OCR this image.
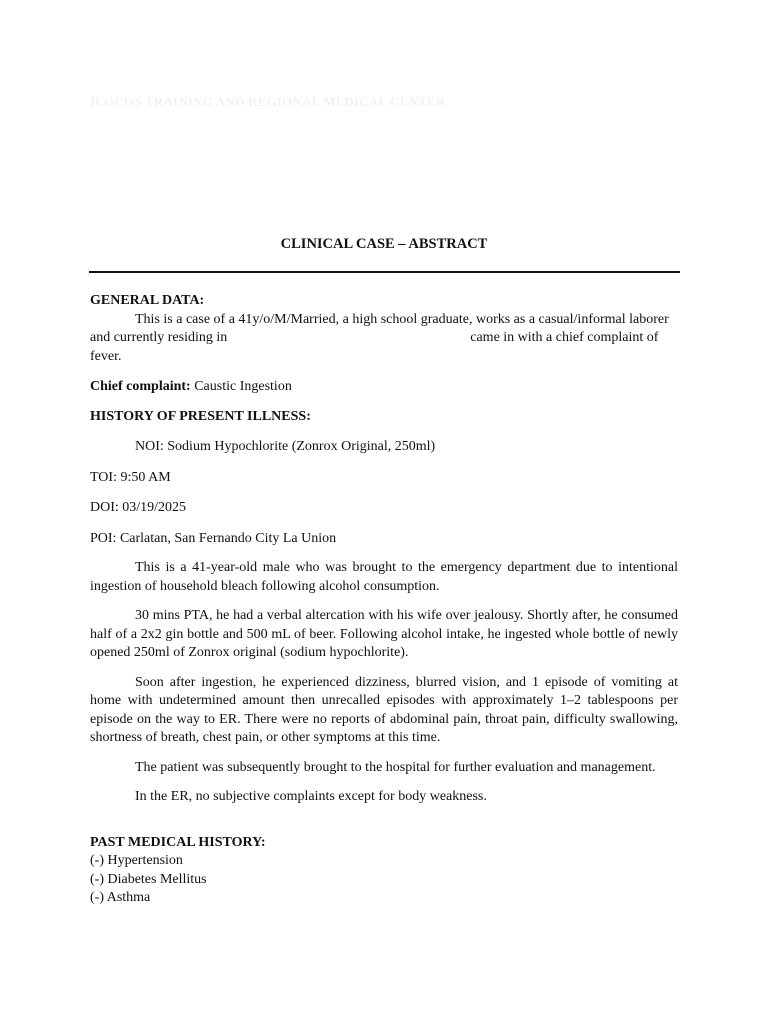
ILOCOS TRAINING AND REGIONAL MEDICAL CENTER
CLINICAL CASE – ABSTRACT

GENERAL DATA:

This is a case of a 41y/o/M/Married, a high school graduate, works as a casual/informal laborer and currently residing in	came in with a chief complaint of fever.

Chief complaint: Caustic Ingestion

HISTORY OF PRESENT ILLNESS:

NOI: Sodium Hypochlorite (Zonrox Original, 250ml)

TOI: 9:50 AM

DOI: 03/19/2025

POI: Carlatan, San Fernando City La Union

This is a 41-year-old male who was brought to the emergency department due to intentional ingestion of household bleach following alcohol consumption.

30 mins PTA, he had a verbal altercation with his wife over jealousy. Shortly after, he consumed half of a 2x2 gin bottle and 500 mL of beer. Following alcohol intake, he ingested whole bottle of newly opened 250ml of Zonrox original (sodium hypochlorite).

Soon after ingestion, he experienced dizziness, blurred vision, and 1 episode of vomiting at home with undetermined amount then unrecalled episodes with approximately 1–2 tablespoons per episode on the way to ER. There were no reports of abdominal pain, throat pain, difficulty swallowing, shortness of breath, chest pain, or other symptoms at this time.

The patient was subsequently brought to the hospital for further evaluation and management.

In the ER, no subjective complaints except for body weakness.

PAST MEDICAL HISTORY:

(-) Hypertension

(-) Diabetes Mellitus

(-) Asthma
